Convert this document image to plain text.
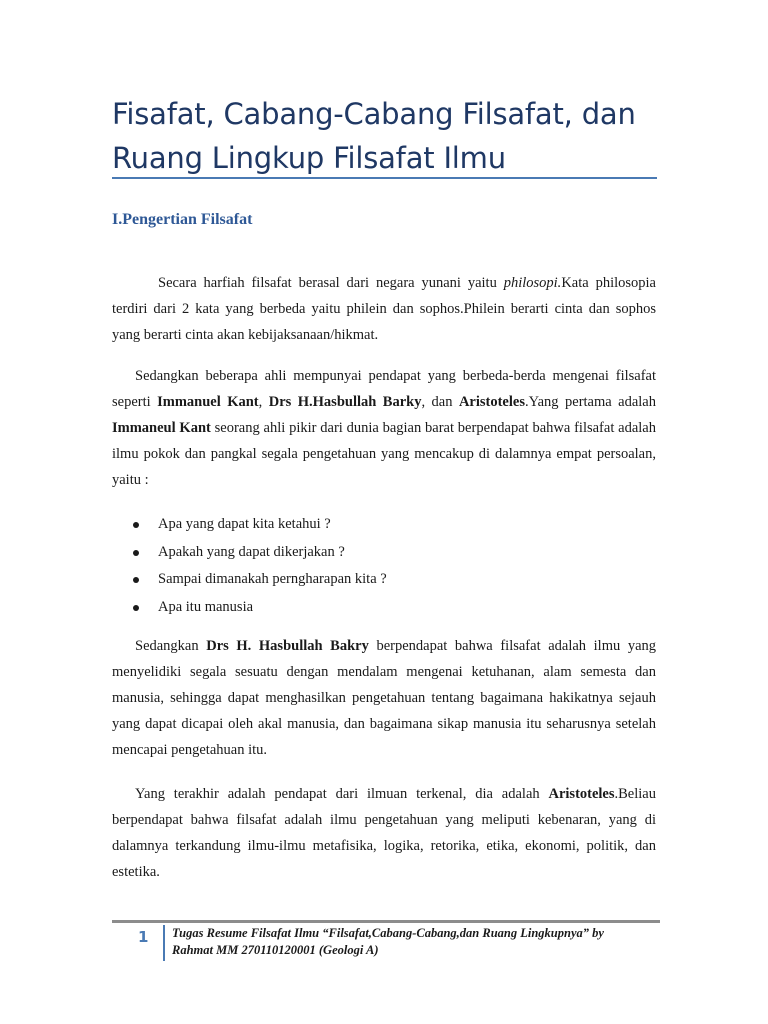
Fisafat, Cabang-Cabang Filsafat, dan
Ruang Lingkup Filsafat Ilmu
I.Pengertian Filsafat

Secara harfiah filsafat berasal dari negara yunani yaitu philosopi.Kata philosopia terdiri dari 2 kata yang berbeda yaitu philein dan sophos.Philein berarti cinta dan sophos yang berarti cinta akan kebijaksanaan/hikmat.

Sedangkan beberapa ahli mempunyai pendapat yang berbeda-berda mengenai filsafat seperti Immanuel Kant, Drs H.Hasbullah Barky, dan Aristoteles.Yang pertama adalah Immaneul Kant seorang ahli pikir dari dunia bagian barat berpendapat bahwa filsafat adalah ilmu pokok dan pangkal segala pengetahuan yang mencakup di dalamnya empat persoalan, yaitu :

Apa yang dapat kita ketahui ?
Apakah yang dapat dikerjakan ?
Sampai dimanakah perngharapan kita ?
Apa itu manusia

Sedangkan Drs H. Hasbullah Bakry berpendapat bahwa filsafat adalah ilmu yang menyelidiki segala sesuatu dengan mendalam mengenai ketuhanan, alam semesta dan manusia, sehingga dapat menghasilkan pengetahuan tentang bagaimana hakikatnya sejauh yang dapat dicapai oleh akal manusia, dan bagaimana sikap manusia itu seharusnya setelah mencapai pengetahuan itu.

Yang terakhir adalah pendapat dari ilmuan terkenal, dia adalah Aristoteles.Beliau berpendapat bahwa filsafat adalah ilmu pengetahuan yang meliputi kebenaran, yang di dalamnya terkandung ilmu-ilmu metafisika, logika, retorika, etika, ekonomi, politik, dan estetika.

1	Tugas Resume Filsafat Ilmu “Filsafat,Cabang-Cabang,dan Ruang Lingkupnya” by
Rahmat MM 270110120001 (Geologi A)
